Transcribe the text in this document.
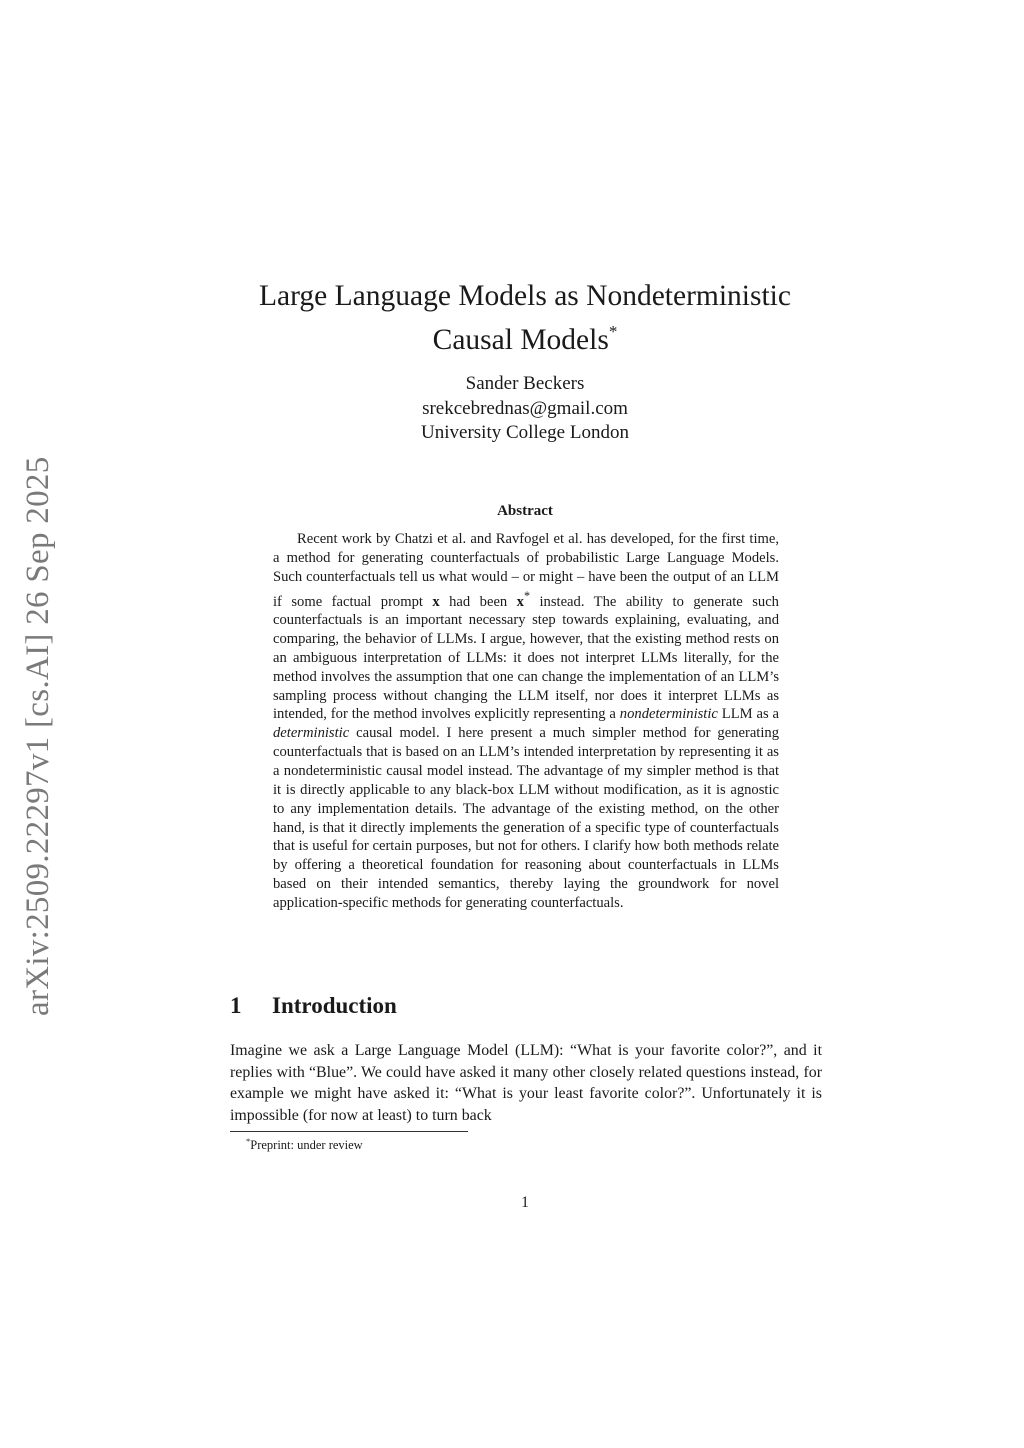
arXiv:2509.22297v1 [cs.AI] 26 Sep 2025
Large Language Models as Nondeterministic
Causal Models*
Sander Beckers
srekcebrednas@gmail.com
University College London
Abstract
Recent work by Chatzi et al. and Ravfogel et al. has developed, for the first time, a method for generating counterfactuals of probabilistic Large Language Models. Such counterfactuals tell us what would – or might – have been the output of an LLM if some factual prompt x had been x* instead. The ability to generate such counterfactuals is an important necessary step towards explaining, evaluating, and comparing, the behavior of LLMs. I argue, however, that the existing method rests on an ambiguous interpretation of LLMs: it does not interpret LLMs literally, for the method involves the assumption that one can change the implementation of an LLM’s sampling process without changing the LLM itself, nor does it interpret LLMs as intended, for the method involves explicitly representing a nondeterministic LLM as a deterministic causal model. I here present a much simpler method for generating counterfactuals that is based on an LLM’s intended interpretation by representing it as a nondeterministic causal model instead. The advantage of my simpler method is that it is directly applicable to any black-box LLM without modification, as it is agnostic to any implementation details. The advantage of the existing method, on the other hand, is that it directly implements the generation of a specific type of counterfactuals that is useful for certain purposes, but not for others. I clarify how both methods relate by offering a theoretical foundation for reasoning about counterfactuals in LLMs based on their intended semantics, thereby laying the groundwork for novel application-specific methods for generating counterfactuals.
1 Introduction
Imagine we ask a Large Language Model (LLM): “What is your favorite color?”, and it replies with “Blue”. We could have asked it many other closely related questions instead, for example we might have asked it: “What is your least favorite color?”. Unfortunately it is impossible (for now at least) to turn back
*Preprint: under review
1
